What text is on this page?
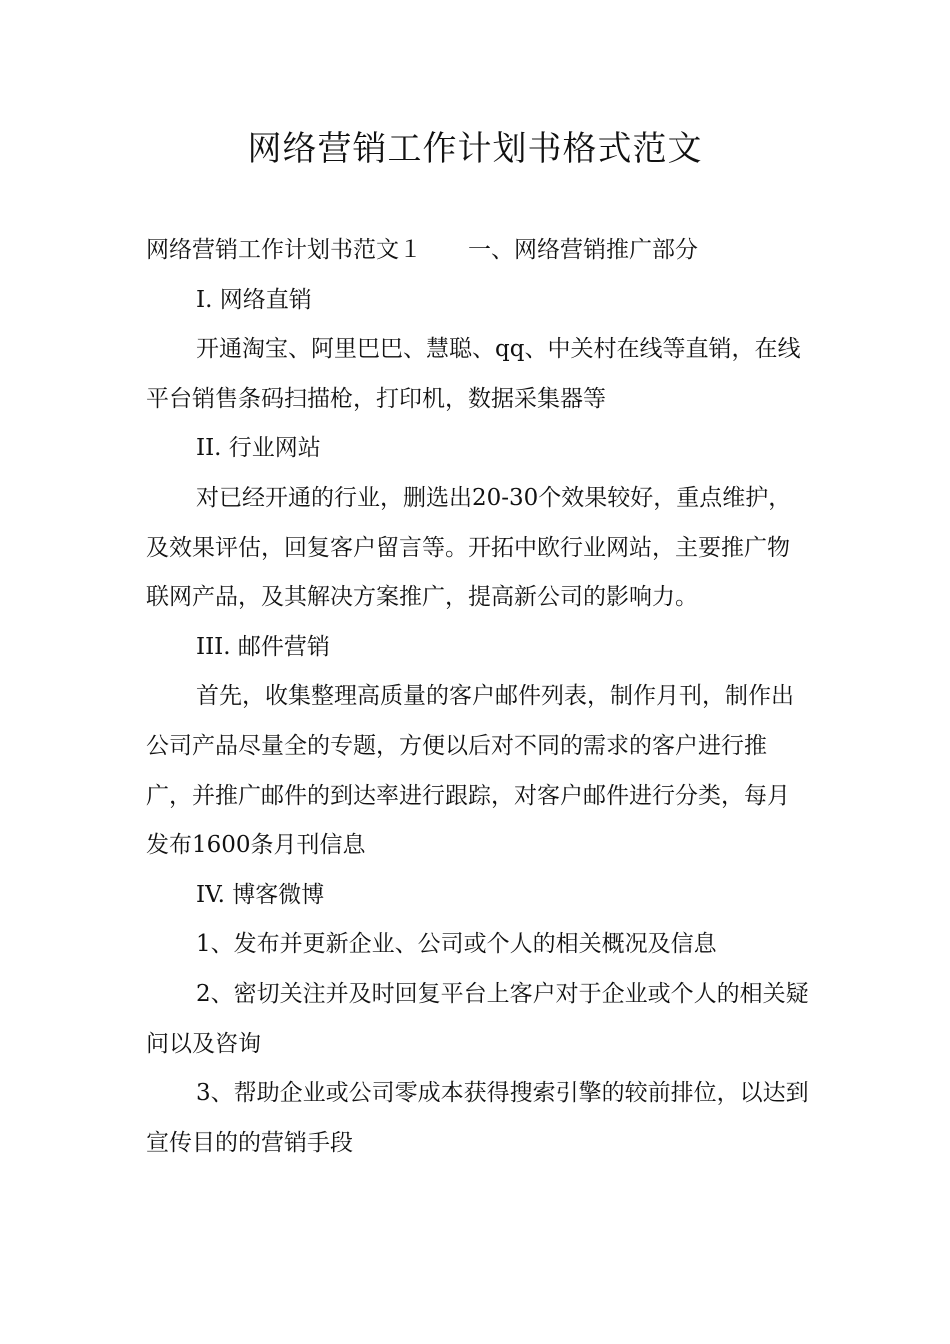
网络营销工作计划书格式范文

网络营销工作计划书范文１　　一、网络营销推广部分

I. 网络直销

开通淘宝、阿里巴巴、慧聪、qq、中关村在线等直销，在线平台销售条码扫描枪，打印机，数据采集器等

II. 行业网站

对已经开通的行业，删选出20-30个效果较好，重点维护，及效果评估，回复客户留言等。开拓中欧行业网站，主要推广物联网产品，及其解决方案推广，提高新公司的影响力。

III. 邮件营销

首先，收集整理高质量的客户邮件列表，制作月刊，制作出公司产品尽量全的专题，方便以后对不同的需求的客户进行推广，并推广邮件的到达率进行跟踪，对客户邮件进行分类，每月发布1600条月刊信息

IV. 博客微博

1、发布并更新企业、公司或个人的相关概况及信息

2、密切关注并及时回复平台上客户对于企业或个人的相关疑问以及咨询

3、帮助企业或公司零成本获得搜索引擎的较前排位，以达到宣传目的的营销手段
